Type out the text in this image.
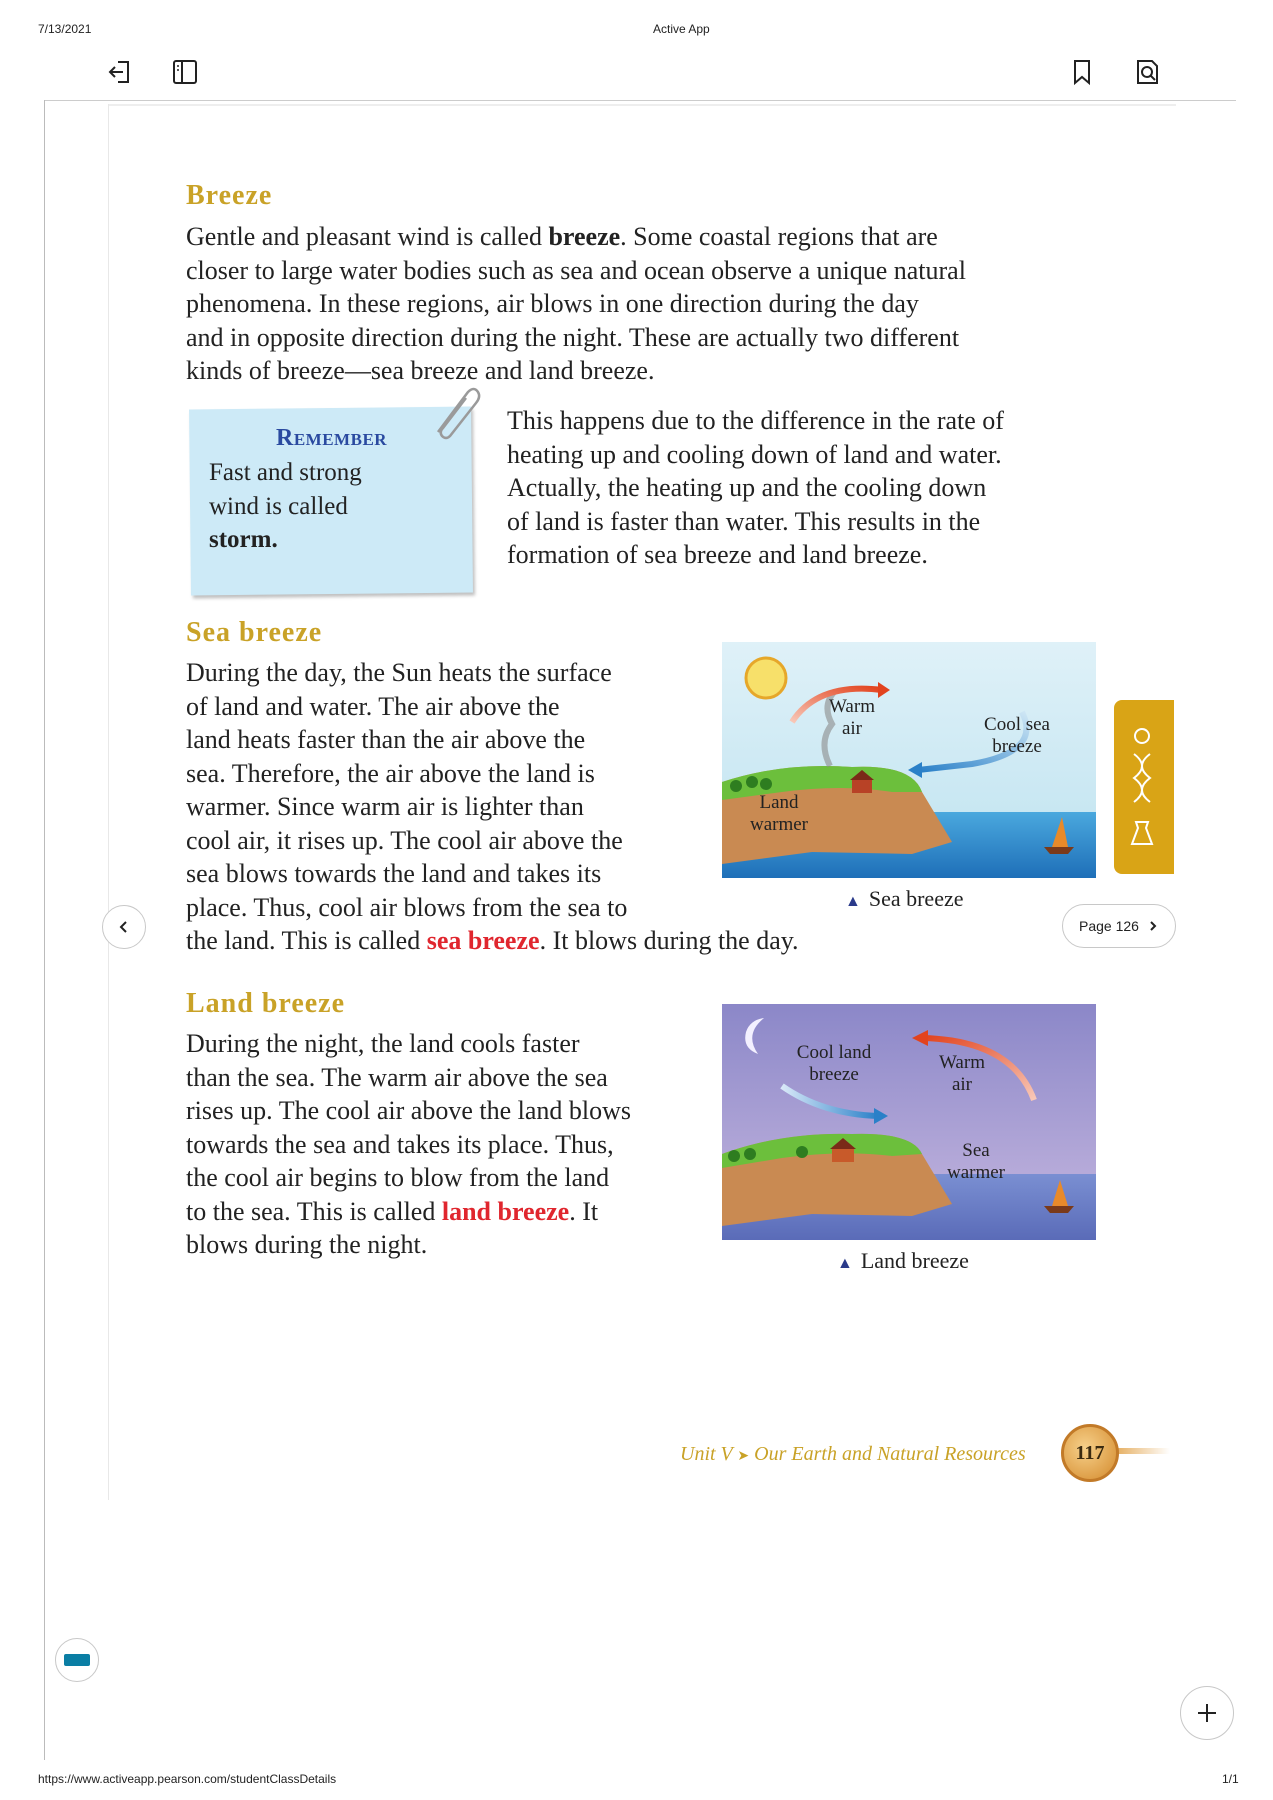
7/13/2021	Active App
Breeze
Gentle and pleasant wind is called breeze. Some coastal regions that are
closer to large water bodies such as sea and ocean observe a unique natural
phenomena. In these regions, air blows in one direction during the day
and in opposite direction during the night. These are actually two different
kinds of breeze—sea breeze and land breeze.
Remember
Fast and strong
wind is called
storm.
This happens due to the difference in the rate of
heating up and cooling down of land and water.
Actually, the heating up and the cooling down
of land is faster than water. This results in the
formation of sea breeze and land breeze.
Sea breeze
During the day, the Sun heats the surface
of land and water. The air above the
land heats faster than the air above the
sea. Therefore, the air above the land is
warmer. Since warm air is lighter than
cool air, it rises up. The cool air above the
sea blows towards the land and takes its
place. Thus, cool air blows from the sea to
the land. This is called sea breeze. It blows during the day.
Warm
air	Cool sea
breeze
Land
warmer
▲ Sea breeze
Land breeze
During the night, the land cools faster
than the sea. The warm air above the sea
rises up. The cool air above the land blows
towards the sea and takes its place. Thus,
the cool air begins to blow from the land
to the sea. This is called land breeze. It
blows during the night.
Cool land
breeze
Warm
air
Sea
warmer
▲ Land breeze
Unit V ➤ Our Earth and Natural Resources	117
Page 126
https://www.activeapp.pearson.com/studentClassDetails	1/1
